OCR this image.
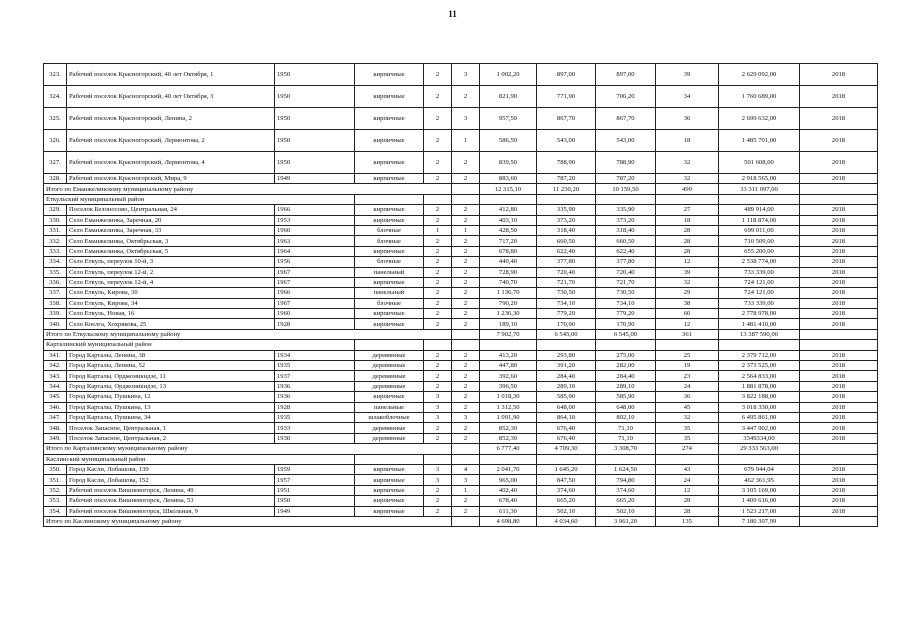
11
323.	Рабочий поселок Красногорский, 40 лет Октября, 1	1950	кирпичные	2	3	1 002,20	897,00	897,00	39	2 629 092,00	2018
324.	Рабочий поселок Красногорский, 40 лет Октября, 3	1950	кирпичные	2	2	821,90	771,90	706,20	34	1 760 689,00	2018
325.	Рабочий поселок Красногорский, Ленина, 2	1950	кирпичные	2	3	957,50	867,70	867,70	36	2 699 632,00	2018
326.	Рабочий поселок Красногорский, Лермонтова, 2	1950	кирпичные	2	1	586,50	543,00	543,00	18	1 485 701,00	2018
327.	Рабочий поселок Красногорский, Лермонтова, 4	1950	кирпичные	2	2	839,50	788,90	788,90	32	501 608,00	2018
328.	Рабочий поселок Красногорский, Мира, 9	1949	кирпичные	2	2	883,60	787,20	787,20	32	2 918 565,00	2018
Итого по Еманжелинскому муниципальному району						12 315,10	11 230,20	10 159,50	499	33 311 097,00	
Еткульский муниципальный район											
329.	Поселок Белоносово, Центральная, 24	1966	кирпичные	2	2	412,80	335,90	335,90	27	489 914,00	2018
330.	Село Еманжелинка, Заречная, 20	1953	кирпичные	2	2	403,10	373,20	373,20	18	1 118 874,00	2018
331.	Село Еманжелинка, Заречная, 33	1960	блочные	1	1	428,50	318,40	318,40	28	699 011,00	2018
332.	Село Еманжелинка, Октябрьская, 3	1963	блочные	2	2	717,20	660,50	660,50	28	710 509,00	2018
333.	Село Еманжелинка, Октябрьская, 5	1964	кирпичные	2	2	678,80	622,40	622,40	28	655 200,00	2018
334.	Село Еткуль, переулок 10-й, 3	1956	блочные	2	2	440,40	377,80	377,80	12	2 538 774,00	2018
335.	Село Еткуль, переулок 12-й, 2	1967	панельный	2	2	728,90	720,40	720,40	39	733 339,00	2018
336.	Село Еткуль, переулок 12-й, 4	1967	кирпичные	2	2	740,70	721,70	721,70	32	724 121,00	2018
337.	Село Еткуль, Кирова, 30	1966	панельный	2	2	1 136,70	730,50	730,50	29	724 121,00	2018
338.	Село Еткуль, Кирова, 34	1967	блочные	2	2	790,20	734,10	734,10	38	733 339,00	2018
339.	Село Еткуль, Новая, 16	1960	кирпичные	2	2	1 236,30	779,20	779,20	60	2 778 978,00	2018
340.	Село Коелга, Хохрякова, 25	1928	кирпичные	2	2	189,10	170,90	170,90	12	1 481 410,00	2018
Итого по Еткульскому муниципальному району						7 902,70	6 545,00	6 545,00	361	13 387 590,00	
Карталинский муниципальный район											
341.	Город Карталы, Ленина, 38	1934	деревянные	2	2	413,20	293,80	275,00	25	2 379 712,00	2018
342.	Город Карталы, Ленина, 52	1935	деревянные	2	2	447,80	391,20	282,00	19	2 373 525,00	2018
343.	Город Карталы, Орджоникидзе, 11	1937	деревянные	2	2	392,60	284,40	284,40	23	2 564 833,00	2018
344.	Город Карталы, Орджоникидзе, 13	1936	деревянные	2	2	396,50	289,10	289,10	24	1 881 878,00	2018
345.	Город Карталы, Пушкина, 12	1936	кирпичные	3	2	1 018,30	585,90	585,90	36	3 822 188,00	2018
346.	Город Карталы, Пушкина, 13	1928	панельные	3	2	1 312,50	648,00	648,00	45	3 018 330,00	2018
347.	Город Карталы, Пушкина, 34	1935	шлакоблочные	3	3	1 091,90	864,10	802,10	32	6 495 861,00	2018
348.	Поселок Запасное, Центральная, 1	1933	деревянные	2	2	852,30	676,40	71,10	35	3 447 902,00	2018
349.	Поселок Запасное, Центральная, 2	1930	деревянные	2	2	852,30	676,40	71,10	35	3349334,00	2018
Итого по Карталинскому муниципальному району						6 777,40	4 709,30	3 308,70	274	29 333 563,00	
Каслинский муниципальный район											
350.	Город Касли, Лобашова, 139	1959	кирпичные	3	4	2 041,70	1 645,20	1 624,50	43	679 944,04	2018
351.	Город Касли, Лобашова, 152	1957	кирпичные	3	3	965,00	847,50	794,80	24	462 361,95	2018
352.	Рабочий поселок Вишневогорск, Ленина, 49	1951	кирпичные	2	1	402,40	374,60	374,60	12	3 105 169,00	2018
353.	Рабочий поселок Вишневогорск, Ленина, 53	1950	кирпичные	2	2	678,40	665,20	665,20	28	1 409 616,00	2018
354.	Рабочий поселок Вишневогорск, Школьная, 9	1949	кирпичные	2	2	611,30	502,10	502,10	28	1 523 217,00	2018
Итого по Каслинскому муниципальному району						4 698,80	4 034,60	3 961,20	135	7 180 307,99	
